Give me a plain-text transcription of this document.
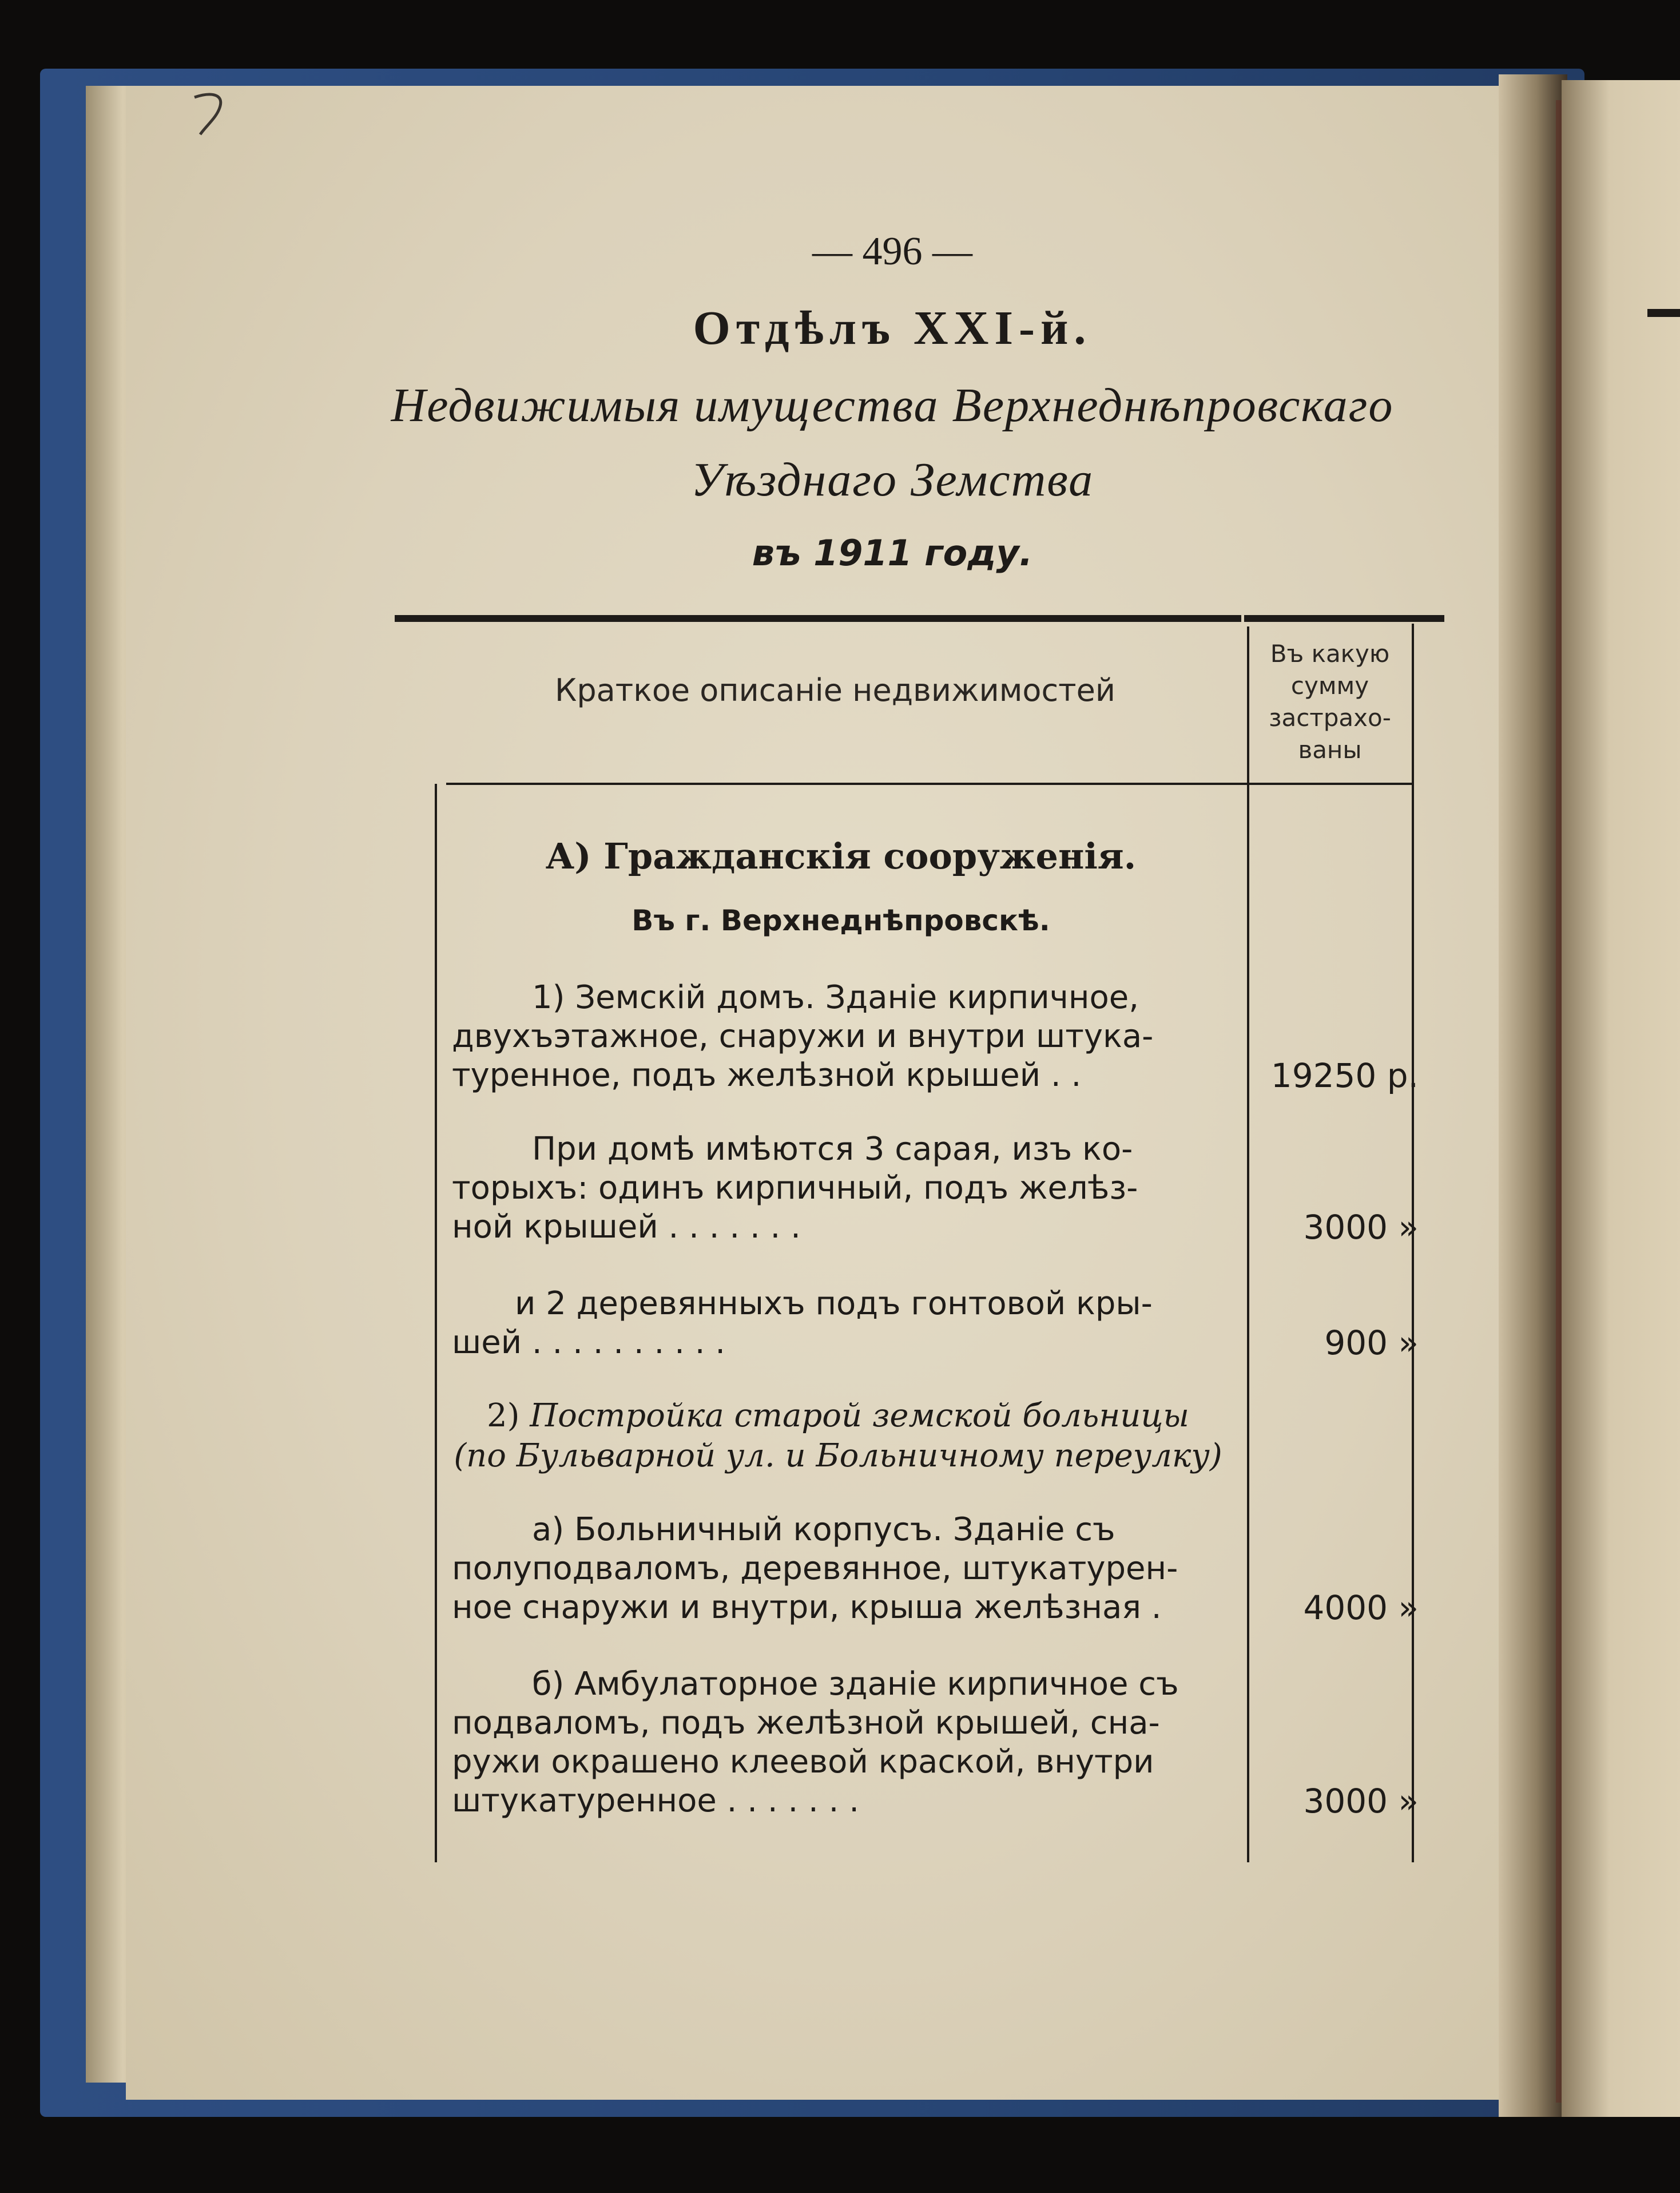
— 496 —
Отдѣлъ XXI-й.
Недвижимыя имущества Верхнеднѣпровскаго
Уѣзднаго Земства
въ 1911 году.
Краткое описанiе недвижимостей
Въ какую
сумму
застрахо-
ваны
А) Гражданскiя сооруженiя.
Въ г. Верхнеднѣпровскѣ.
1) Земскiй домъ. Зданiе кирпичное,
двухъэтажное, снаружи и внутри штука-
туренное, подъ желѣзной крышей . .	19250 р.
При домѣ имѣются 3 сарая, изъ ко-
торыхъ: одинъ кирпичный, подъ желѣз-
ной крышей . . . . . . .	3000 »
и 2 деревянныхъ подъ гонтовой кры-
шей . . . . . . . . . .	900 »
2) Постройка старой земской больницы
(по Бульварной ул. и Больничному переулку)
а) Больничный корпусъ. Зданiе съ
полуподваломъ, деревянное, штукатурен-
ное снаружи и внутри, крыша желѣзная .	4000 »
б) Амбулаторное зданiе кирпичное съ
подваломъ, подъ желѣзной крышей, сна-
ружи окрашено клеевой краской, внутри
штукатуренное . . . . . . .	3000 »
